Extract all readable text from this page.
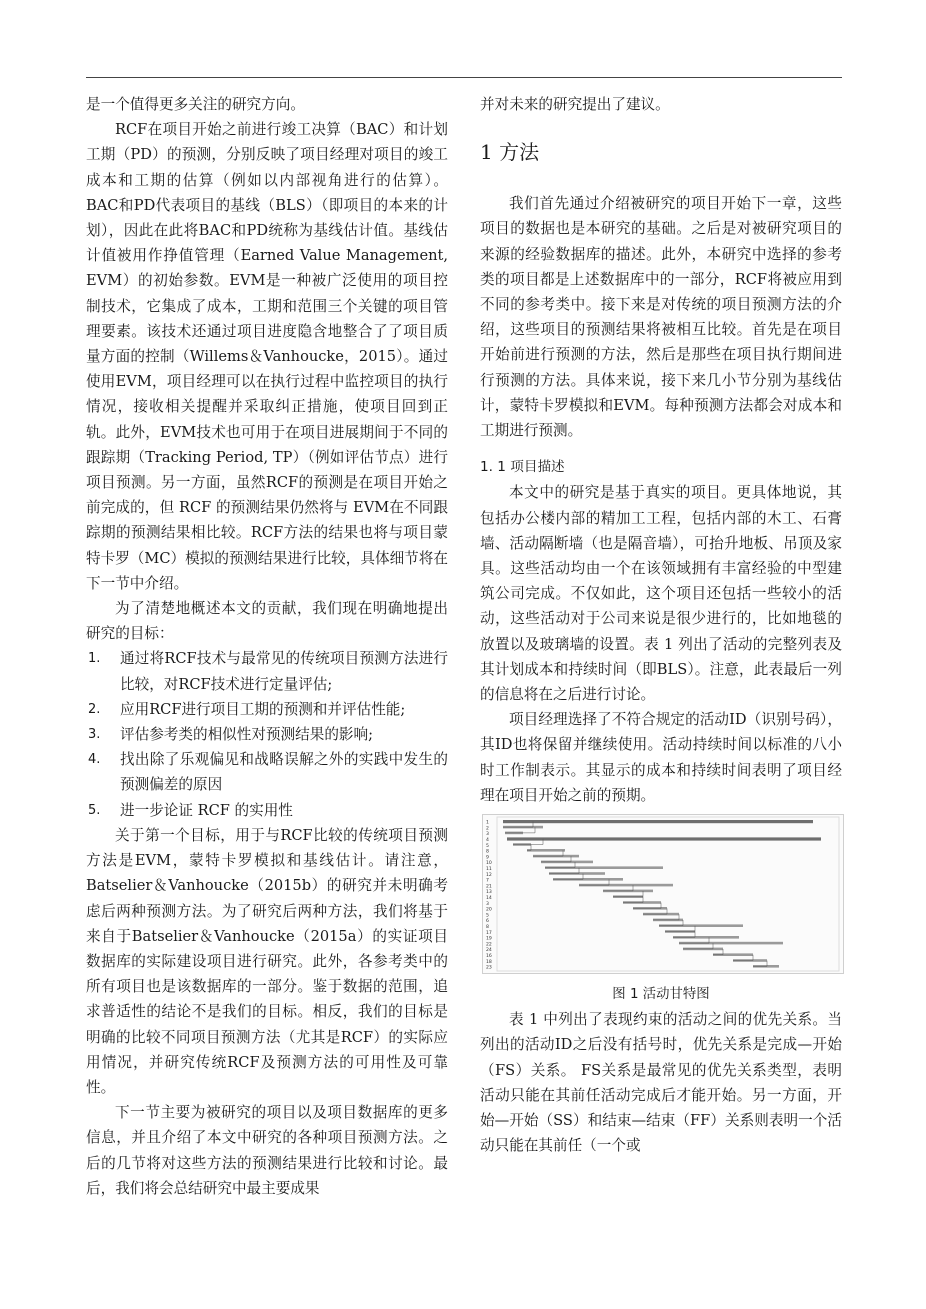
是一个值得更多关注的研究方向。

RCF在项目开始之前进行竣工决算（BAC）和计划工期（PD）的预测，分别反映了项目经理对项目的竣工成本和工期的估算（例如以内部视角进行的估算）。 BAC和PD代表项目的基线（BLS）（即项目的本来的计划），因此在此将BAC和PD统称为基线估计值。基线估计值被用作挣值管理（Earned Value Management, EVM）的初始参数。EVM是一种被广泛使用的项目控制技术，它集成了成本，工期和范围三个关键的项目管理要素。该技术还通过项目进度隐含地整合了了项目质量方面的控制（Willems＆Vanhoucke，2015）。通过使用EVM，项目经理可以在执行过程中监控项目的执行情况，接收相关提醒并采取纠正措施，使项目回到正轨。此外，EVM技术也可用于在项目进展期间于不同的跟踪期（Tracking Period, TP）（例如评估节点）进行项目预测。另一方面，虽然RCF的预测是在项目开始之前完成的，但 RCF 的预测结果仍然将与 EVM在不同跟踪期的预测结果相比较。RCF方法的结果也将与项目蒙特卡罗（MC）模拟的预测结果进行比较，具体细节将在下一节中介绍。

为了清楚地概述本文的贡献，我们现在明确地提出研究的目标：

1. 通过将RCF技术与最常见的传统项目预测方法进行比较，对RCF技术进行定量评估;
2. 应用RCF进行项目工期的预测和并评估性能;
3. 评估参考类的相似性对预测结果的影响;
4. 找出除了乐观偏见和战略误解之外的实践中发生的预测偏差的原因
5. 进一步论证 RCF 的实用性

关于第一个目标，用于与RCF比较的传统项目预测方法是EVM，蒙特卡罗模拟和基线估计。请注意，Batselier＆Vanhoucke（2015b）的研究并未明确考虑后两种预测方法。为了研究后两种方法，我们将基于来自于Batselier＆Vanhoucke（2015a）的实证项目数据库的实际建设项目进行研究。此外，各参考类中的所有项目也是该数据库的一部分。鉴于数据的范围，追求普适性的结论不是我们的目标。相反，我们的目标是明确的比较不同项目预测方法（尤其是RCF）的实际应用情况，并研究传统RCF及预测方法的可用性及可靠性。

下一节主要为被研究的项目以及项目数据库的更多信息，并且介绍了本文中研究的各种项目预测方法。之后的几节将对这些方法的预测结果进行比较和讨论。最后，我们将会总结研究中最主要成果

并对未来的研究提出了建议。

1 方法

我们首先通过介绍被研究的项目开始下一章，这些项目的数据也是本研究的基础。之后是对被研究项目的来源的经验数据库的描述。此外，本研究中选择的参考类的项目都是上述数据库中的一部分，RCF将被应用到不同的参考类中。接下来是对传统的项目预测方法的介绍，这些项目的预测结果将被相互比较。首先是在项目开始前进行预测的方法，然后是那些在项目执行期间进行预测的方法。具体来说，接下来几小节分别为基线估计，蒙特卡罗模拟和EVM。每种预测方法都会对成本和工期进行预测。

1. 1 项目描述

本文中的研究是基于真实的项目。更具体地说，其包括办公楼内部的精加工工程，包括内部的木工、石膏墙、活动隔断墙（也是隔音墙），可抬升地板、吊顶及家具。这些活动均由一个在该领域拥有丰富经验的中型建筑公司完成。不仅如此，这个项目还包括一些较小的活动，这些活动对于公司来说是很少进行的，比如地毯的放置以及玻璃墙的设置。表 1 列出了活动的完整列表及其计划成本和持续时间（即BLS）。注意，此表最后一列的信息将在之后进行讨论。

项目经理选择了不符合规定的活动ID（识别号码），其ID也将保留并继续使用。活动持续时间以标准的八小时工作制表示。其显示的成本和持续时间表明了项目经理在项目开始之前的预期。

1
2
3
4
5
8
9
10
11
12
7
21
13
14
3
20
5
6
8
17
19
22
24
16
18
23
图 1 活动甘特图

表 1 中列出了表现约束的活动之间的优先关系。当列出的活动ID之后没有括号时，优先关系是完成—开始（FS）关系。 FS关系是最常见的优先关系类型，表明活动只能在其前任活动完成后才能开始。另一方面，开始—开始（SS）和结束—结束（FF）关系则表明一个活动只能在其前任（一个或
